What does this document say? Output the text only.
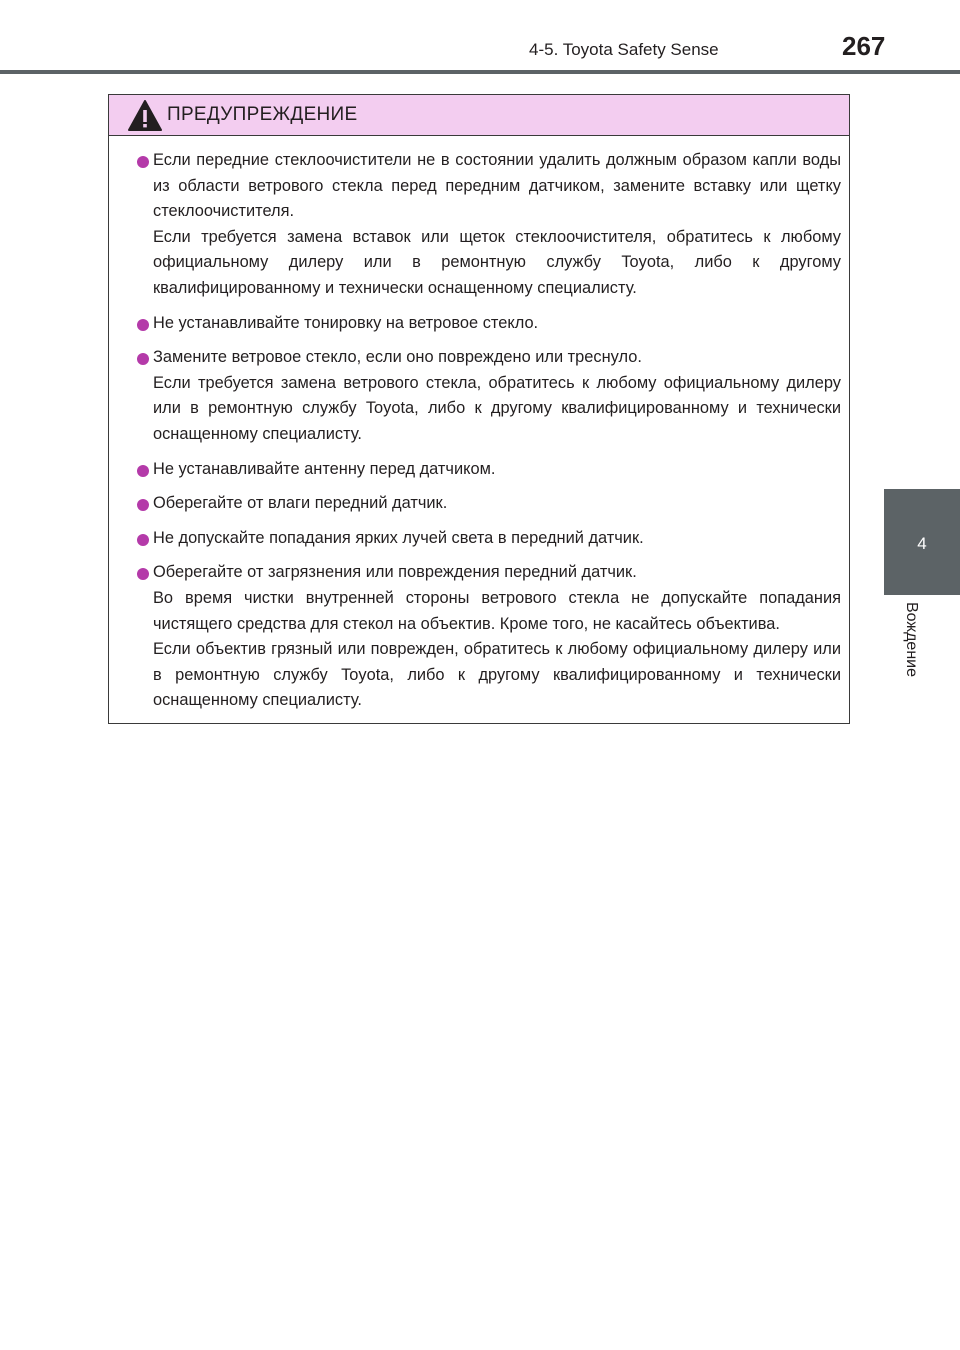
4-5. Toyota Safety Sense	267
4
Вождение
ПРЕДУПРЕЖДЕНИЕ

Если передние стеклоочистители не в состоянии удалить должным образом капли воды из области ветрового стекла перед передним датчиком, замените вставку или щетку стеклоочистителя.

Если требуется замена вставок или щеток стеклоочистителя, обратитесь к любому официальному дилеру или в ремонтную службу Toyota, либо к другому квалифицированному и технически оснащенному специалисту.

Не устанавливайте тонировку на ветровое стекло.

Замените ветровое стекло, если оно повреждено или треснуло.

Если требуется замена ветрового стекла, обратитесь к любому официальному дилеру или в ремонтную службу Toyota, либо к другому квалифицированному и технически оснащенному специалисту.

Не устанавливайте антенну перед датчиком.

Оберегайте от влаги передний датчик.

Не допускайте попадания ярких лучей света в передний датчик.

Оберегайте от загрязнения или повреждения передний датчик.

Во время чистки внутренней стороны ветрового стекла не допускайте попадания чистящего средства для стекол на объектив. Кроме того, не касайтесь объектива.

Если объектив грязный или поврежден, обратитесь к любому официальному дилеру или в ремонтную службу Toyota, либо к другому квалифицированному и технически оснащенному специалисту.
